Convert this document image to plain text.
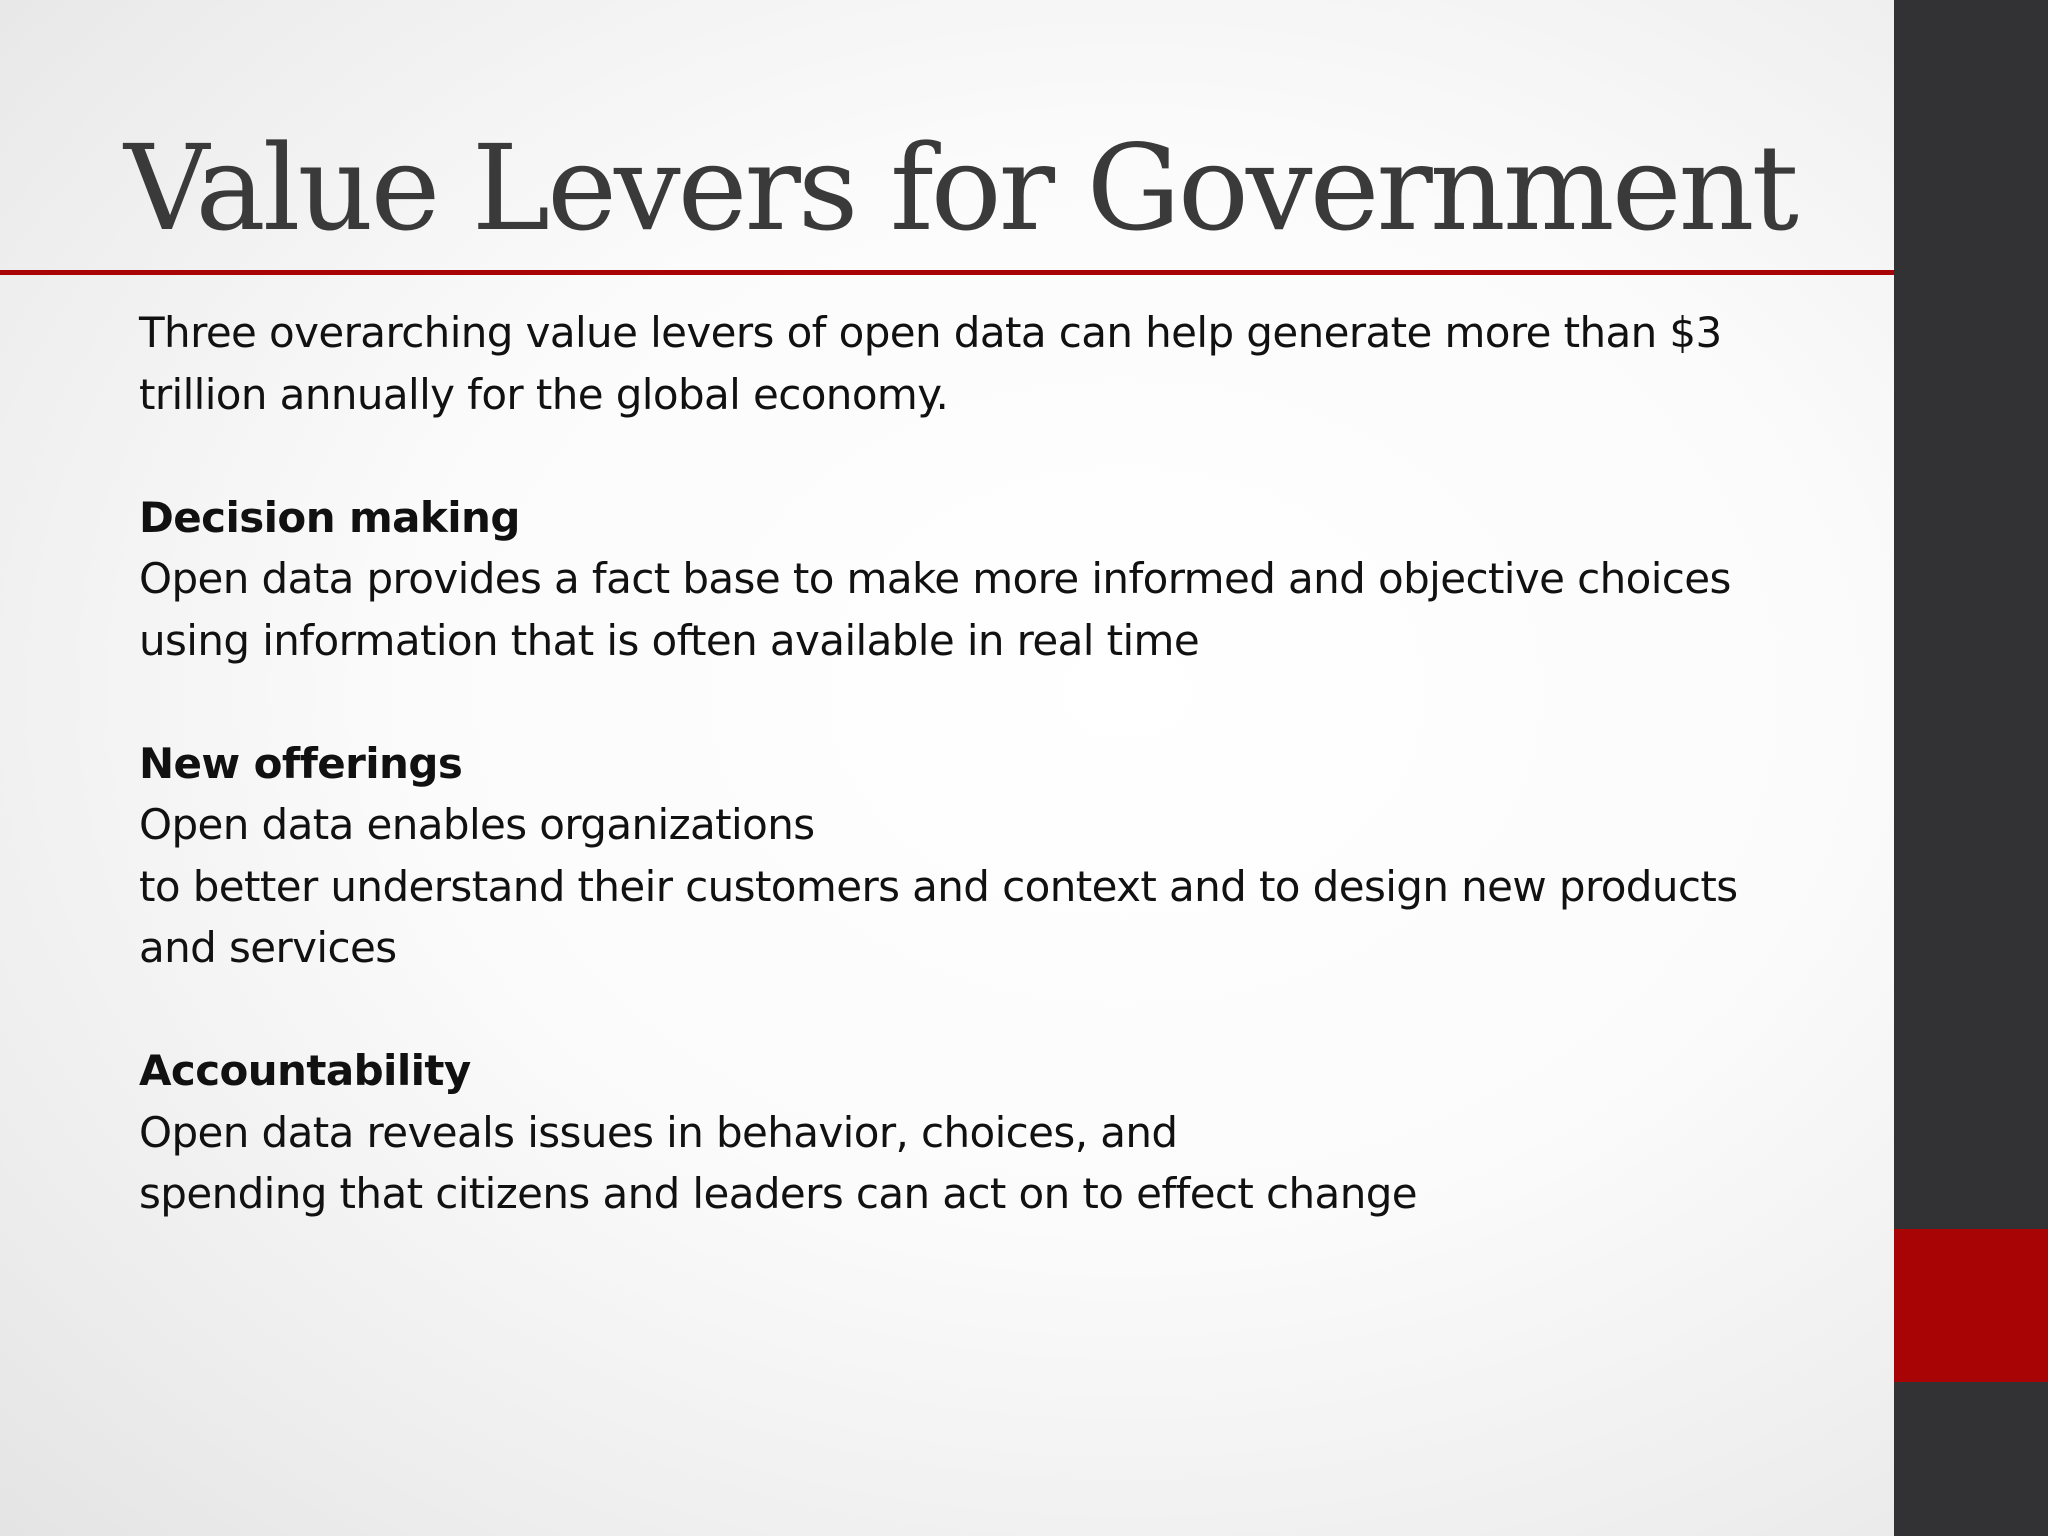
Value Levers for Government

Three overarching value levers of open data can help generate more than $3

trillion annually for the global economy.

Decision making

Open data provides a fact base to make more informed and objective choices

using information that is often available in real time

New offerings

Open data enables organizations

to better understand their customers and context and to design new products

and services

Accountability

Open data reveals issues in behavior, choices, and

spending that citizens and leaders can act on to effect change
